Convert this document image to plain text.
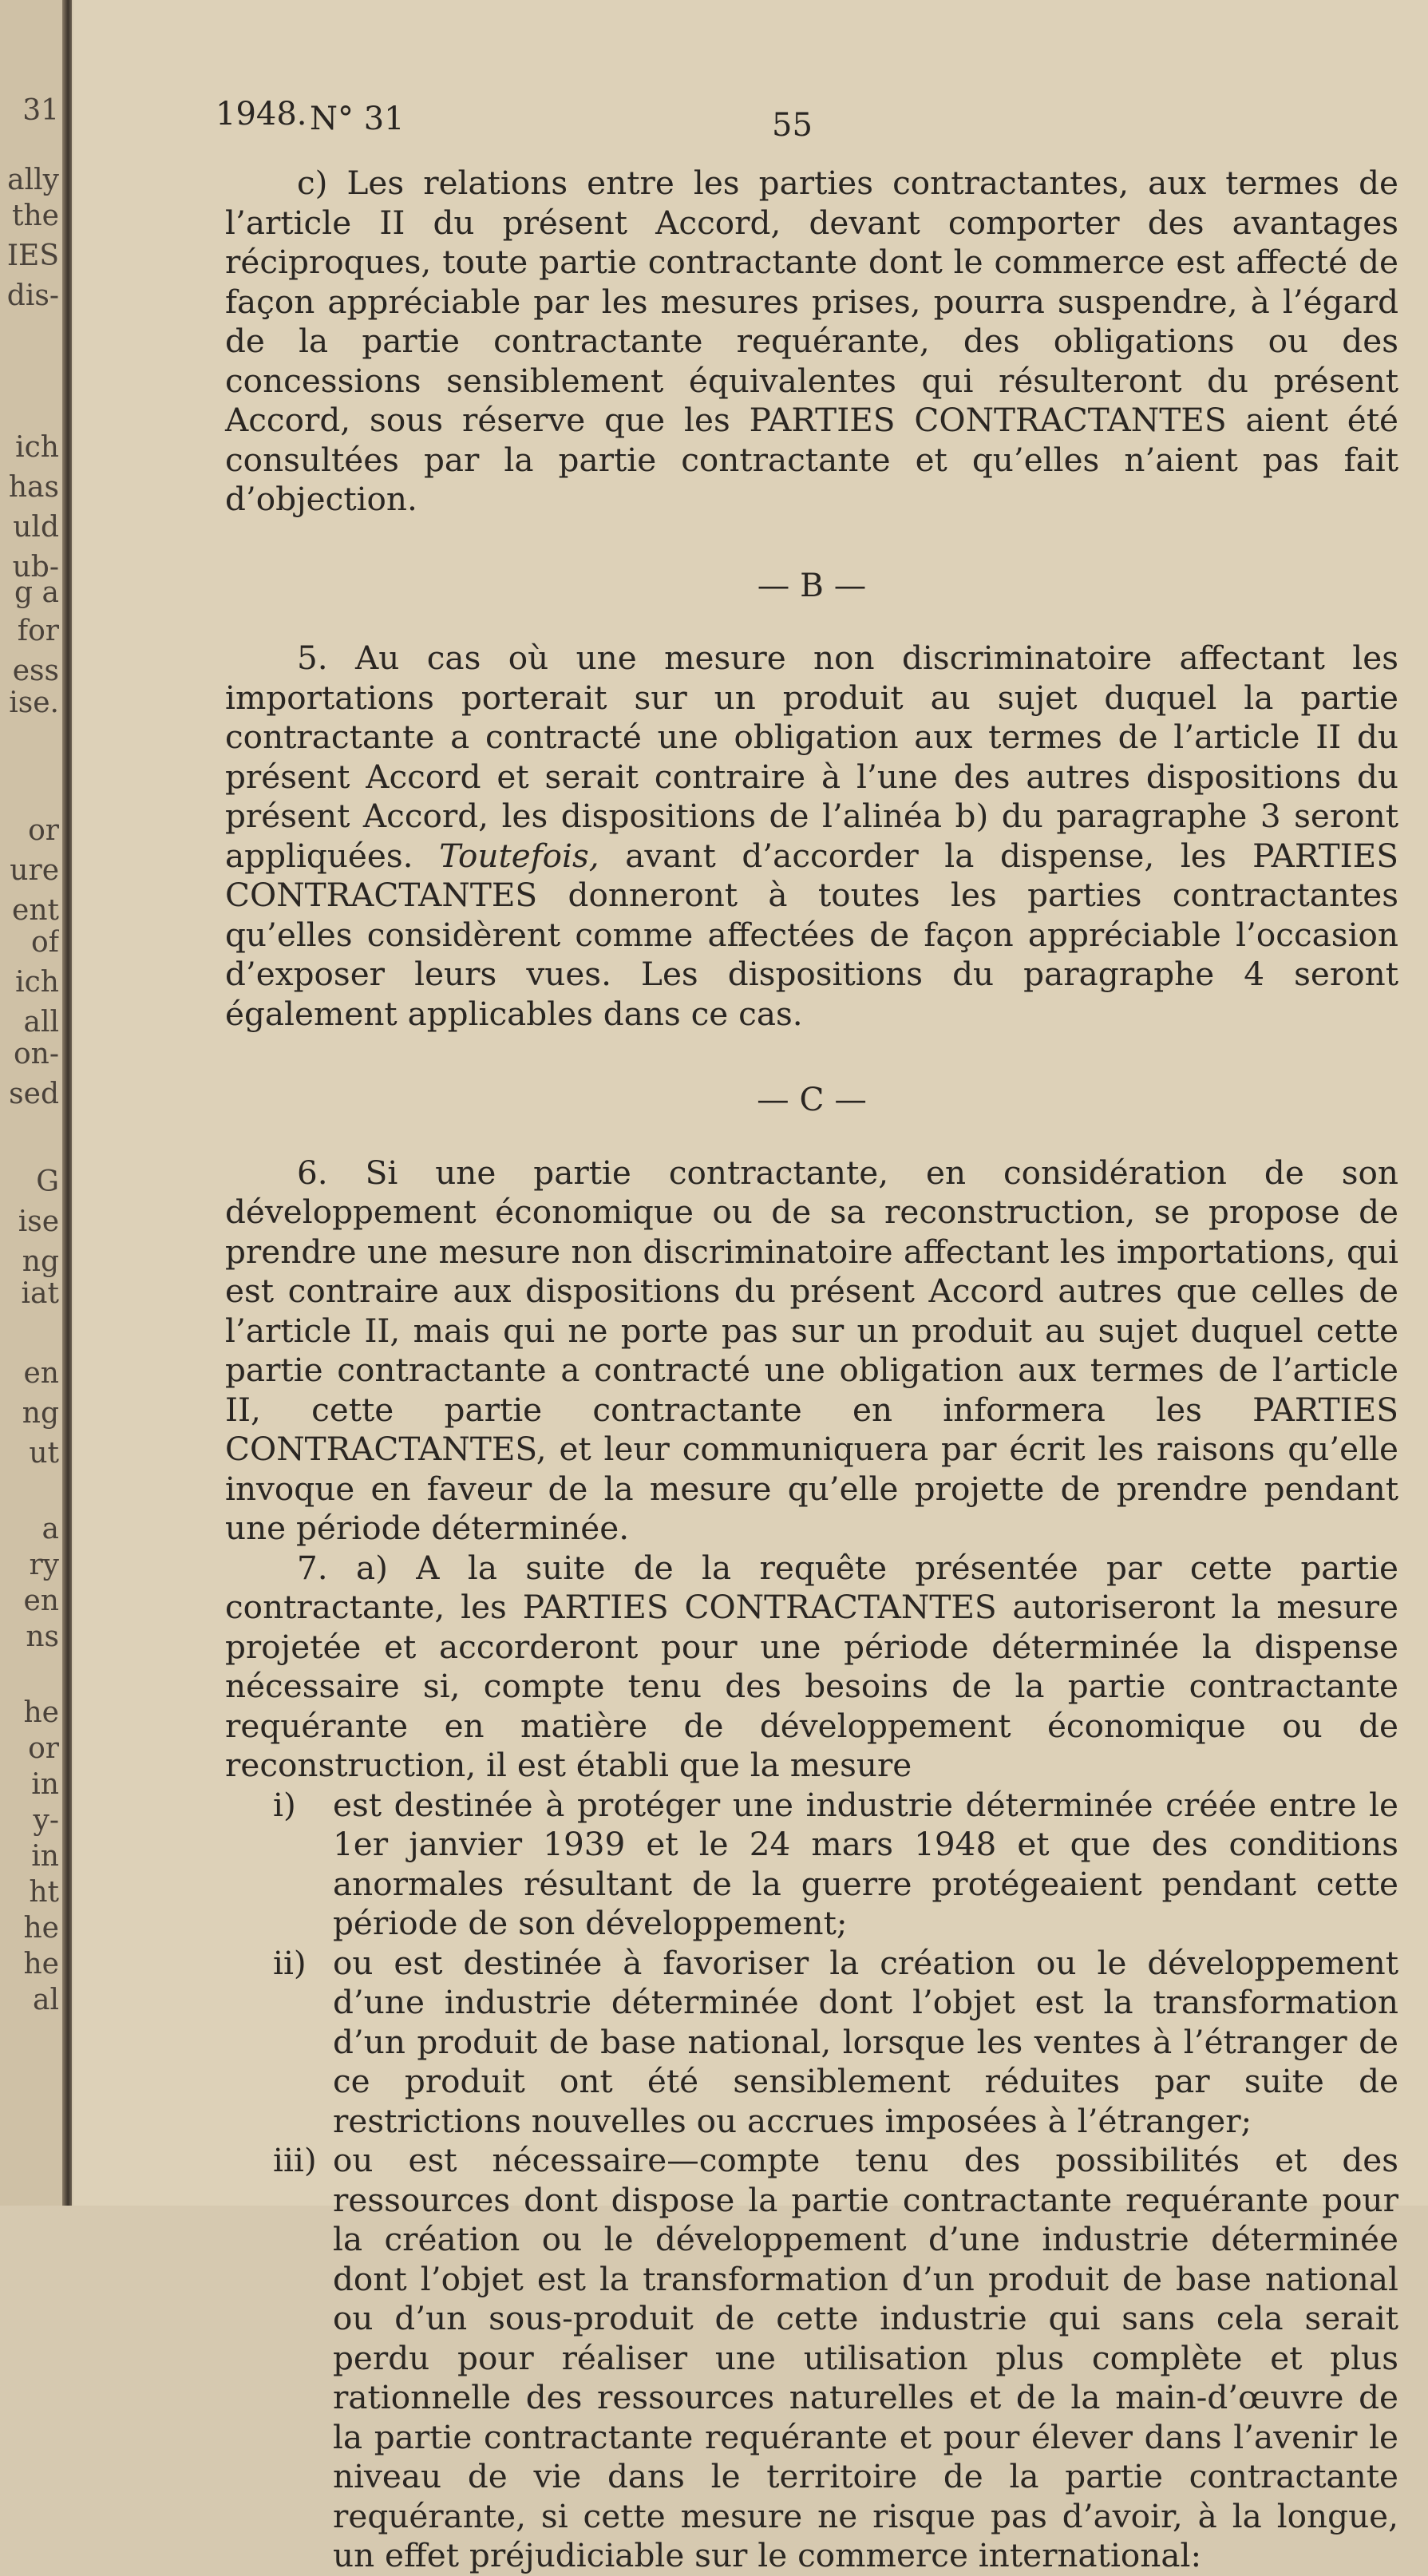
31
ally
the
IES
dis-
ich
has
uld
ub-
g a
for
ess
ise.
or
ure
ent
of
ich
all
on-
sed
G
ise
ng
iat
en
ng
ut
a
ry
en
ns
he
or
in
y-
in
ht
he
he
al
1948. N° 31	55

c) Les relations entre les parties contractantes, aux termes de l’article II du présent Accord, devant comporter des avantages réciproques, toute partie contractante dont le commerce est affecté de façon appréciable par les mesures prises, pourra suspendre, à l’égard de la partie contractante requérante, des obligations ou des concessions sensiblement équivalentes qui résulteront du présent Accord, sous réserve que les PARTIES CONTRACTANTES aient été consultées par la partie contractante et qu’elles n’aient pas fait d’objection.

— B —

5. Au cas où une mesure non discriminatoire affectant les importations porterait sur un produit au sujet duquel la partie contractante a contracté une obligation aux termes de l’article II du présent Accord et serait contraire à l’une des autres dispositions du présent Accord, les dispositions de l’alinéa b) du paragraphe 3 seront appliquées. Toutefois, avant d’accorder la dispense, les PARTIES CONTRACTANTES donneront à toutes les parties contractantes qu’elles considèrent comme affectées de façon appréciable l’occasion d’exposer leurs vues. Les dispositions du paragraphe 4 seront également applicables dans ce cas.

— C —

6. Si une partie contractante, en considération de son développement économique ou de sa reconstruction, se propose de prendre une mesure non discriminatoire affectant les importations, qui est contraire aux dispositions du présent Accord autres que celles de l’article II, mais qui ne porte pas sur un produit au sujet duquel cette partie contractante a contracté une obligation aux termes de l’article II, cette partie contractante en informera les PARTIES CONTRACTANTES, et leur communiquera par écrit les raisons qu’elle invoque en faveur de la mesure qu’elle projette de prendre pendant une période déterminée.

7. a) A la suite de la requête présentée par cette partie contractante, les PARTIES CONTRACTANTES autoriseront la mesure projetée et accorderont pour une période déterminée la dispense nécessaire si, compte tenu des besoins de la partie contractante requérante en matière de développement économique ou de reconstruction, il est établi que la mesure

i) est destinée à protéger une industrie déterminée créée entre le 1er janvier 1939 et le 24 mars 1948 et que des conditions anormales résultant de la guerre protégeaient pendant cette période de son développement;

ii) ou est destinée à favoriser la création ou le développement d’une industrie déterminée dont l’objet est la transformation d’un produit de base national, lorsque les ventes à l’étranger de ce produit ont été sensiblement réduites par suite de restrictions nouvelles ou accrues imposées à l’étranger;

iii) ou est nécessaire—compte tenu des possibilités et des ressources dont dispose la partie contractante requérante pour la création ou le développement d’une industrie déterminée dont l’objet est la transformation d’un produit de base national ou d’un sous-produit de cette industrie qui sans cela serait perdu pour réaliser une utilisation plus complète et plus rationnelle des ressources naturelles et de la main-d’œuvre de la partie contractante requérante et pour élever dans l’avenir le niveau de vie dans le territoire de la partie contractante requérante, si cette mesure ne risque pas d’avoir, à la longue, un effet préjudiciable sur le commerce international:
